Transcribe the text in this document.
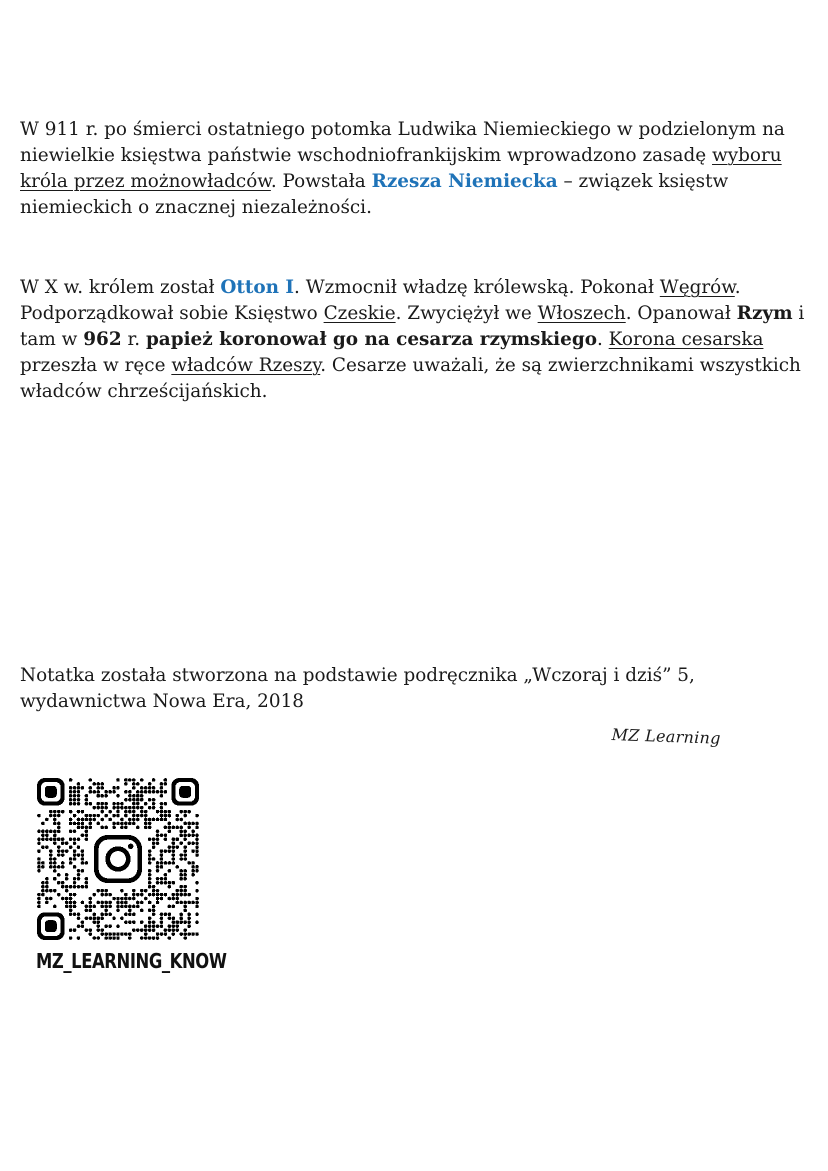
W 911 r. po śmierci ostatniego potomka Ludwika Niemieckiego w podzielonym na niewielkie księstwa państwie wschodniofrankijskim wprowadzono zasadę wyboru króla przez możnowładców. Powstała Rzesza Niemiecka – związek księstw niemieckich o znacznej niezależności.

W X w. królem został Otton I. Wzmocnił władzę królewską. Pokonał Węgrów. Podporządkował sobie Księstwo Czeskie. Zwyciężył we Włoszech. Opanował Rzym i tam w 962 r. papież koronował go na cesarza rzymskiego. Korona cesarska przeszła w ręce władców Rzeszy. Cesarze uważali, że są zwierzchnikami wszystkich władców chrześcijańskich.

Notatka została stworzona na podstawie podręcznika „Wczoraj i dziś” 5, wydawnictwa Nowa Era, 2018

MZ Learning
MZ_LEARNING_KNOW
